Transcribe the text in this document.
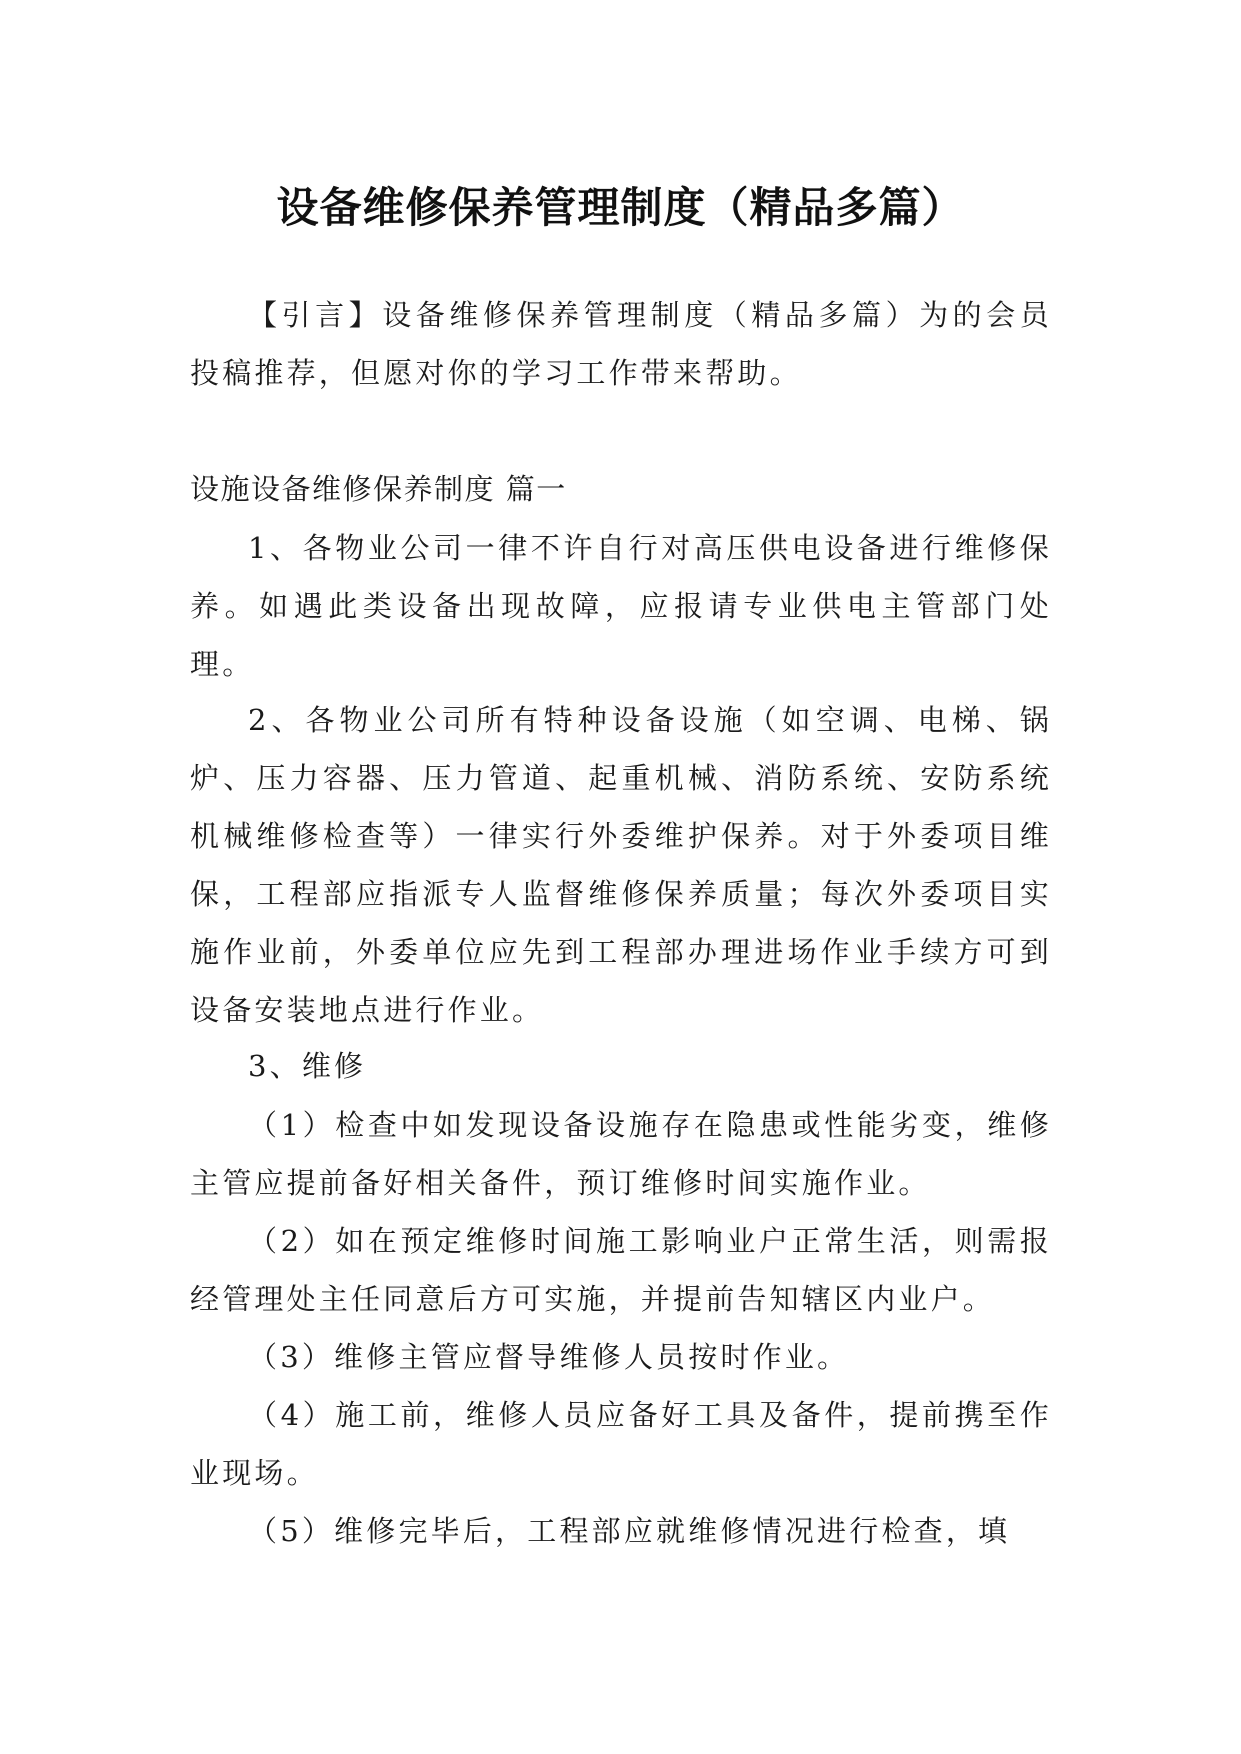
设备维修保养管理制度（精品多篇）

【引言】设备维修保养管理制度（精品多篇）为的会员投稿推荐，但愿对你的学习工作带来帮助。

设施设备维修保养制度 篇一

1、各物业公司一律不许自行对高压供电设备进行维修保养。如遇此类设备出现故障，应报请专业供电主管部门处理。

2、各物业公司所有特种设备设施（如空调、电梯、锅炉、压力容器、压力管道、起重机械、消防系统、安防系统机械维修检查等）一律实行外委维护保养。对于外委项目维保，工程部应指派专人监督维修保养质量；每次外委项目实施作业前，外委单位应先到工程部办理进场作业手续方可到设备安装地点进行作业。

3、维修

（1）检查中如发现设备设施存在隐患或性能劣变，维修主管应提前备好相关备件，预订维修时间实施作业。

（2）如在预定维修时间施工影响业户正常生活，则需报经管理处主任同意后方可实施，并提前告知辖区内业户。

（3）维修主管应督导维修人员按时作业。

（4）施工前，维修人员应备好工具及备件，提前携至作业现场。

（5）维修完毕后，工程部应就维修情况进行检查，填
